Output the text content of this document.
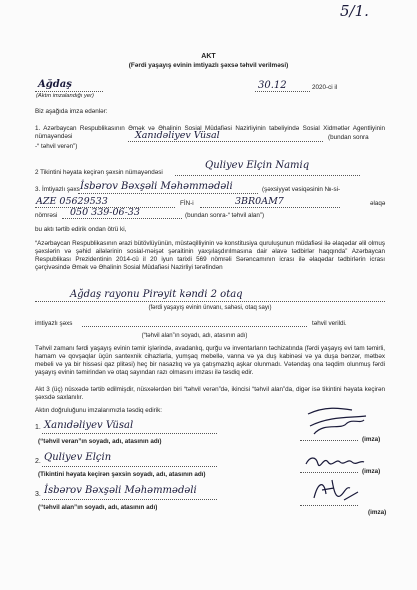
5/1.
AKT
(Fərdi yaşayış evinin imtiyazlı şəxsə təhvil verilməsi)
Ağdaş
(Aktın imzalandığı yer)
30.12	2020-ci il
Biz aşağıda imza edənlər:
1. Azərbaycan Respublikasının Əmək və Əhalinin Sosial Müdafiəsi Nazirliyinin tabeliyində Sosial Xidmətlər Agentliyinin nümayəndəsi	Xanıdəliyev Vüsal	(bundan sonra
-“ təhvil verən”)
2 Tikintini həyata keçirən şəxsin nümayəndəsi
Quliyev Elçin Namiq
3. İmtiyazlı şəxs İsbərov Bəxşəli Məhəmmədəli	(şəxsiyyət vəsiqəsinin №-si-
AZE 05629533	FİN-i	3BR0AM7	əlaqə
nömrəsi 050 339-06-33	(bundan sonra-“ təhvil alan”)
bu aktı tərtib edirik ondan ötrü ki,
“Azərbaycan Respublikasının ərazi bütövlüyünün, müstəqilliyinin və konstitusiya quruluşunun müdafiəsi ilə əlaqədar əlil olmuş şəxslərin və şəhid ailələrinin sosial-məişət şəraitinin yaxşılaşdırılmasına dair əlavə tədbirlər haqqında” Azərbaycan Respublikası Prezidentinin 2014-cü il 20 iyun tarixli 569 nömrəli Sərəncamının icrası ilə əlaqədar tədbirlərin icrası çərçivəsində Əmək və Əhalinin Sosial Müdafiəsi Nazirliyi tərəfindən
Ağdaş rayonu Pirəyit kəndi 2 otaq
(fərdi yaşayış evinin ünvanı, sahəsi, otaq sayı)
imtiyazlı şəxs	təhvil verildi.
(“təhvil alan”ın soyadı, adı, atasının adı)
Təhvil zamanı fərdi yaşayış evinin təmir işlərində, avadanlıq, qurğu və inventarların təchizatında (fərdi yaşayış evi tam təmirli, hamam və qovşaqlar üçün santexnik cihazlarla, yumşaq mebellə, vanna və ya duş kabinəsi və ya duşa bənzər, mətbəx mebeli və ya bir hissəsi qaz plitəsi) heç bir nasazlıq və ya çatışmazlıq aşkar olunmadı. Vətəndaş ona təqdim olunmuş fərdi yaşayış evinin təmirindən və otaq sayından razı olmasını imzası ilə təsdiq edir.
Akt 3 (üç) nüsxədə tərtib edilmişdir, nüsxələrdən biri “təhvil verən”də, ikincisi “təhvil alan”da, digər isə tikintini həyata keçirən şəxsdə saxlanılır.
Aktın doğruluğunu imzalarımızla təsdiq edirik:
1. Xanıdəliyev Vüsal
(“təhvil veran”ın soyadı, adı, atasının adı)	(imza)
2. Quliyev Elçin
(Tikintini həyata keçirən şəxsin soyadı, adı, atasının adı)	(imza)
3. İsbərov Bəxşəli Məhəmmədəli
(“təhvil alan”ın soyadı, adı, atasının adı)
(imza)
